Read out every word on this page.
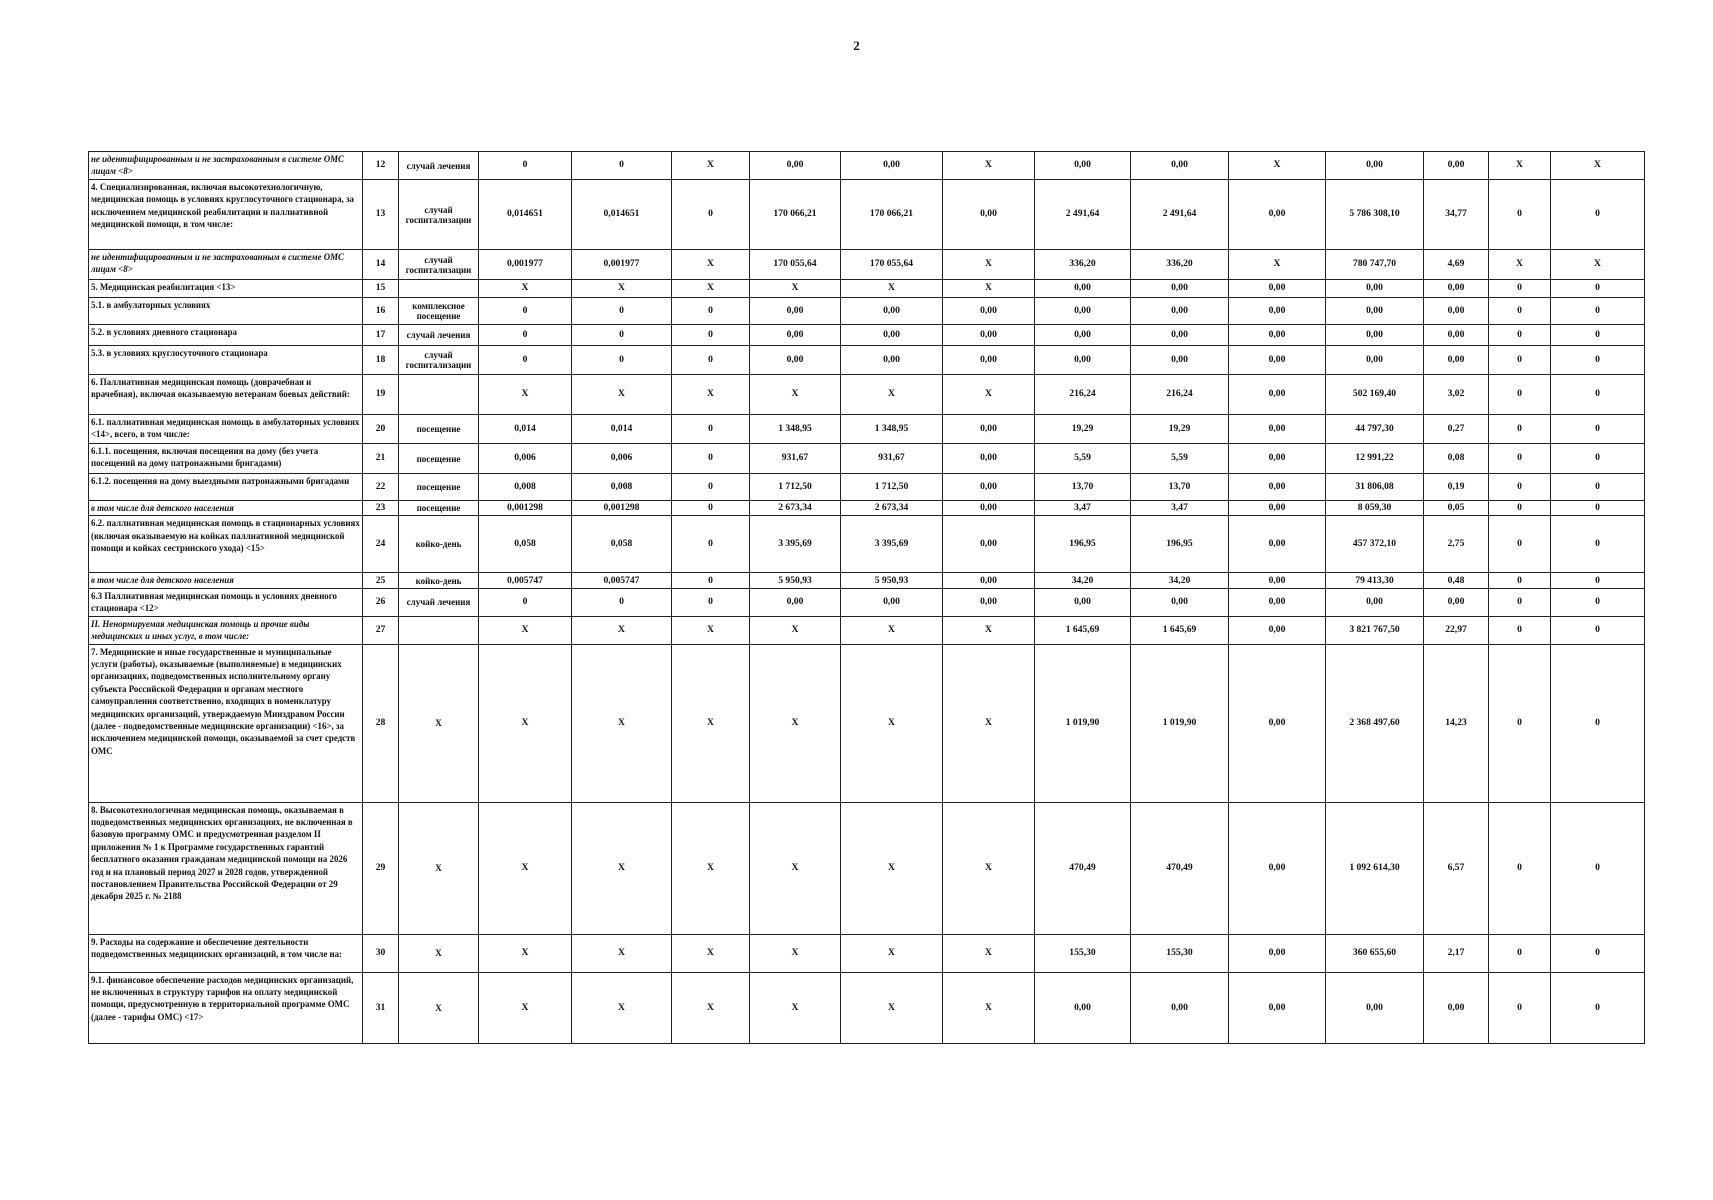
2
не идентифицированным и не застрахованным в системе ОМС лицам <8>	12	случай лечения	0	0	X	0,00	0,00	X	0,00	0,00	X	0,00	0,00	X	X
4. Специализированная, включая высокотехнологичную, медицинская помощь в условиях круглосуточного стационара, за исключением медицинской реабилитации и паллиативной медицинской помощи, в том числе:	13	случай госпитализации	0,014651	0,014651	0	170 066,21	170 066,21	0,00	2 491,64	2 491,64	0,00	5 786 308,10	34,77	0	0
не идентифицированным и не застрахованным в системе ОМС лицам <8>	14	случай госпитализации	0,001977	0,001977	X	170 055,64	170 055,64	X	336,20	336,20	X	780 747,70	4,69	X	X
5. Медицинская реабилитация <13>	15		X	X	X	X	X	X	0,00	0,00	0,00	0,00	0,00	0	0
5.1. в амбулаторных условиях	16	комплексное посещение	0	0	0	0,00	0,00	0,00	0,00	0,00	0,00	0,00	0,00	0	0
5.2. в условиях дневного стационара	17	случай лечения	0	0	0	0,00	0,00	0,00	0,00	0,00	0,00	0,00	0,00	0	0
5.3. в условиях круглосуточного стационара	18	случай госпитализации	0	0	0	0,00	0,00	0,00	0,00	0,00	0,00	0,00	0,00	0	0
6. Паллиативная медицинская помощь (доврачебная и врачебная), включая оказываемую ветеранам боевых действий:	19		X	X	X	X	X	X	216,24	216,24	0,00	502 169,40	3,02	0	0
6.1. паллиативная медицинская помощь в амбулаторных условиях <14>, всего, в том числе:	20	посещение	0,014	0,014	0	1 348,95	1 348,95	0,00	19,29	19,29	0,00	44 797,30	0,27	0	0
6.1.1. посещения, включая посещения на дому (без учета посещений на дому патронажными бригадами)	21	посещение	0,006	0,006	0	931,67	931,67	0,00	5,59	5,59	0,00	12 991,22	0,08	0	0
6.1.2. посещения на дому выездными патронажными бригадами	22	посещение	0,008	0,008	0	1 712,50	1 712,50	0,00	13,70	13,70	0,00	31 806,08	0,19	0	0
в том числе для детского населения	23	посещение	0,001298	0,001298	0	2 673,34	2 673,34	0,00	3,47	3,47	0,00	8 059,30	0,05	0	0
6.2. паллиативная медицинская помощь в стационарных условиях (включая оказываемую на койках паллиативной медицинской помощи и койках сестринского ухода) <15>	24	койко-день	0,058	0,058	0	3 395,69	3 395,69	0,00	196,95	196,95	0,00	457 372,10	2,75	0	0
в том числе для детского населения	25	койко-день	0,005747	0,005747	0	5 950,93	5 950,93	0,00	34,20	34,20	0,00	79 413,30	0,48	0	0
6.3 Паллиативная медицинская помощь в условиях дневного стационара <12>	26	случай лечения	0	0	0	0,00	0,00	0,00	0,00	0,00	0,00	0,00	0,00	0	0
II. Ненормируемая медицинская помощь и прочие виды медицинских и иных услуг, в том числе:	27		X	X	X	X	X	X	1 645,69	1 645,69	0,00	3 821 767,50	22,97	0	0
7. Медицинские и иные государственные и муниципальные услуги (работы), оказываемые (выполняемые) в медицинских организациях, подведомственных исполнительному органу субъекта Российской Федерации и органам местного самоуправления соответственно, входящих в номенклатуру медицинских организаций, утверждаемую Минздравом России (далее - подведомственные медицинские организации) <16>, за исключением медицинской помощи, оказываемой за счет средств ОМС	28	X	X	X	X	X	X	X	1 019,90	1 019,90	0,00	2 368 497,60	14,23	0	0
8. Высокотехнологичная медицинская помощь, оказываемая в подведомственных медицинских организациях, не включенная в базовую программу ОМС и предусмотренная разделом II приложения № 1 к Программе государственных гарантий бесплатного оказания гражданам медицинской помощи на 2026 год и на плановый период 2027 и 2028 годов, утвержденной постановлением Правительства Российской Федерации от 29 декабря 2025 г. № 2188	29	X	X	X	X	X	X	X	470,49	470,49	0,00	1 092 614,30	6,57	0	0
9. Расходы на содержание и обеспечение деятельности подведомственных медицинских организаций, в том числе на:	30	X	X	X	X	X	X	X	155,30	155,30	0,00	360 655,60	2,17	0	0
9.1. финансовое обеспечение расходов медицинских организаций, не включенных в структуру тарифов на оплату медицинской помощи, предусмотренную в территориальной программе ОМС (далее - тарифы ОМС) <17>	31	X	X	X	X	X	X	X	0,00	0,00	0,00	0,00	0,00	0	0
